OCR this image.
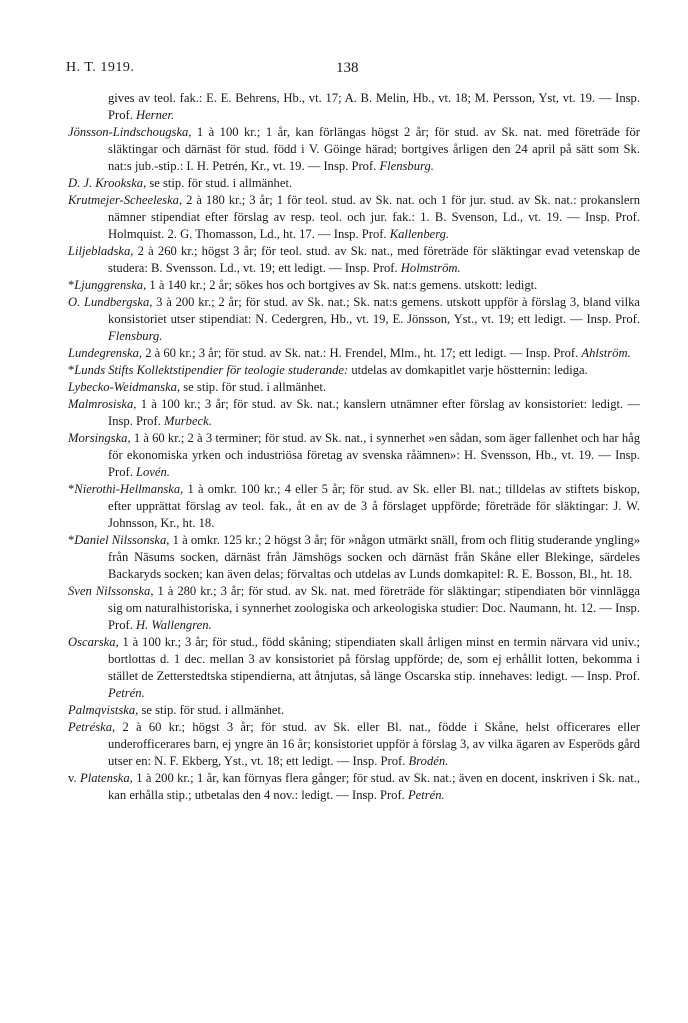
H. T. 1919.	138

gives av teol. fak.: E. E. Behrens, Hb., vt. 17; A. B. Melin, Hb., vt. 18; M. Persson, Yst, vt. 19. — Insp. Prof. Herner.

Jönsson-Lindschougska, 1 à 100 kr.; 1 år, kan förlängas högst 2 år; för stud. av Sk. nat. med företräde för släktingar och därnäst för stud. född i V. Göinge härad; bortgives årligen den 24 april på sätt som Sk. nat:s jub.-stip.: I. H. Petrén, Kr., vt. 19. — Insp. Prof. Flensburg.

D. J. Krookska, se stip. för stud. i allmänhet.

Krutmejer-Scheeleska, 2 à 180 kr.; 3 år; 1 för teol. stud. av Sk. nat. och 1 för jur. stud. av Sk. nat.: prokanslern nämner stipendiat efter förslag av resp. teol. och jur. fak.: 1. B. Svenson, Ld., vt. 19. — Insp. Prof. Holmquist. 2. G. Thomasson, Ld., ht. 17. — Insp. Prof. Kallenberg.

Liljebladska, 2 à 260 kr.; högst 3 år; för teol. stud. av Sk. nat., med företräde för släktingar evad vetenskap de studera: B. Svensson. Ld., vt. 19; ett ledigt. — Insp. Prof. Holmström.

*Ljunggrenska, 1 à 140 kr.; 2 år; sökes hos och bortgives av Sk. nat:s gemens. utskott: ledigt.

O. Lundbergska, 3 à 200 kr.; 2 år; för stud. av Sk. nat.; Sk. nat:s gemens. utskott uppför à förslag 3, bland vilka konsistoriet utser stipendiat: N. Cedergren, Hb., vt. 19, E. Jönsson, Yst., vt. 19; ett ledigt. — Insp. Prof. Flensburg.

Lundegrenska, 2 à 60 kr.; 3 år; för stud. av Sk. nat.: H. Frendel, Mlm., ht. 17; ett ledigt. — Insp. Prof. Ahlström.

*Lunds Stifts Kollektstipendier för teologie studerande: utdelas av domkapitlet varje höstternin: lediga.

Lybecko-Weidmanska, se stip. för stud. i allmänhet.

Malmrosiska, 1 à 100 kr.; 3 år; för stud. av Sk. nat.; kanslern utnämner efter förslag av konsistoriet: ledigt. — Insp. Prof. Murbeck.

Morsingska, 1 à 60 kr.; 2 à 3 terminer; för stud. av Sk. nat., i synnerhet »en sådan, som äger fallenhet och har håg för ekonomiska yrken och industriösa företag av svenska råämnen»: H. Svensson, Hb., vt. 19. — Insp. Prof. Lovén.

*Nierothi-Hellmanska, 1 à omkr. 100 kr.; 4 eller 5 år; för stud. av Sk. eller Bl. nat.; tilldelas av stiftets biskop, efter upprättat förslag av teol. fak., åt en av de 3 å förslaget uppförde; företräde för släktingar: J. W. Johnsson, Kr., ht. 18.

*Daniel Nilssonska, 1 à omkr. 125 kr.; 2 högst 3 år; för »någon utmärkt snäll, from och flitig studerande yngling» från Näsums socken, därnäst från Jämshögs socken och därnäst från Skåne eller Blekinge, särdeles Backaryds socken; kan även delas; förvaltas och utdelas av Lunds domkapitel: R. E. Bosson, Bl., ht. 18.

Sven Nilssonska, 1 à 280 kr.; 3 år; för stud. av Sk. nat. med företräde för släktingar; stipendiaten bör vinnlägga sig om naturalhistoriska, i synnerhet zoologiska och arkeologiska studier: Doc. Naumann, ht. 12. — Insp. Prof. H. Wallengren.

Oscarska, 1 à 100 kr.; 3 år; för stud., född skåning; stipendiaten skall årligen minst en termin närvara vid univ.; bortlottas d. 1 dec. mellan 3 av konsistoriet på förslag uppförde; de, som ej erhållit lotten, bekomma i stället de Zetterstedtska stipendierna, att åtnjutas, så länge Oscarska stip. innehaves: ledigt. — Insp. Prof. Petrén.

Palmqvistska, se stip. för stud. i allmänhet.

Petréska, 2 à 60 kr.; högst 3 år; för stud. av Sk. eller Bl. nat., födde i Skåne, helst officerares eller underofficerares barn, ej yngre än 16 år; konsistoriet uppför à förslag 3, av vilka ägaren av Esperöds gård utser en: N. F. Ekberg, Yst., vt. 18; ett ledigt. — Insp. Prof. Brodén.

v. Platenska, 1 à 200 kr.; 1 år, kan förnyas flera gånger; för stud. av Sk. nat.; även en docent, inskriven i Sk. nat., kan erhålla stip.; utbetalas den 4 nov.: ledigt. — Insp. Prof. Petrén.
